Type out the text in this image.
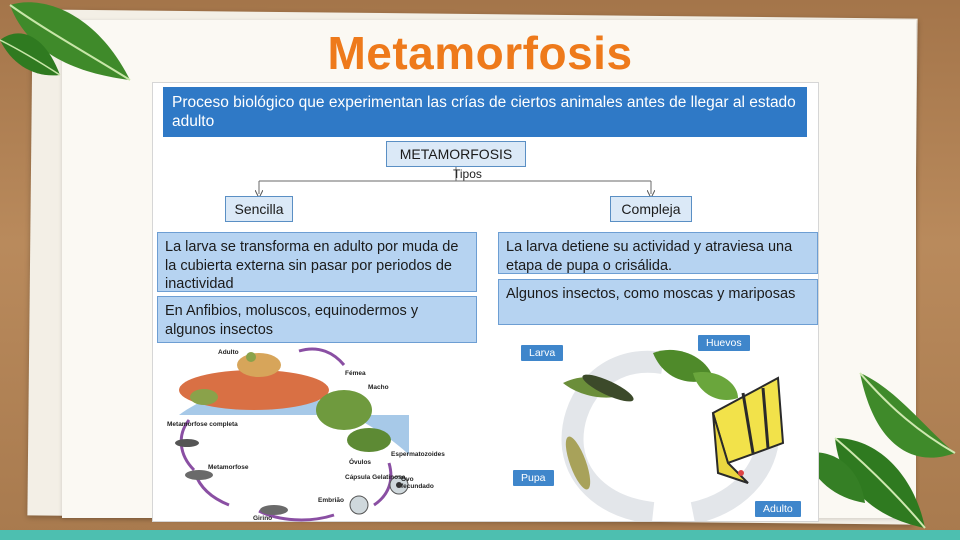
Metamorfosis
Proceso biológico que experimentan las crías de ciertos animales antes de llegar al estado adulto
METAMORFOSIS
Tipos
Sencilla	Compleja
La larva se transforma en adulto por muda de la cubierta externa sin pasar por periodos de inactividad
La larva detiene su actividad y atraviesa una etapa de pupa o crisálida.
En Anfibios, moluscos, equinodermos y algunos insectos
Algunos insectos, como moscas y mariposas
Adulto
Fémea
Macho
Metamorfose completa
Espermatozoides
Óvulos
Metamorfose
Cápsula Gelatinosa
Ovo fecundado
Embrião
Girino
Larva
Huevos
Pupa
Adulto
